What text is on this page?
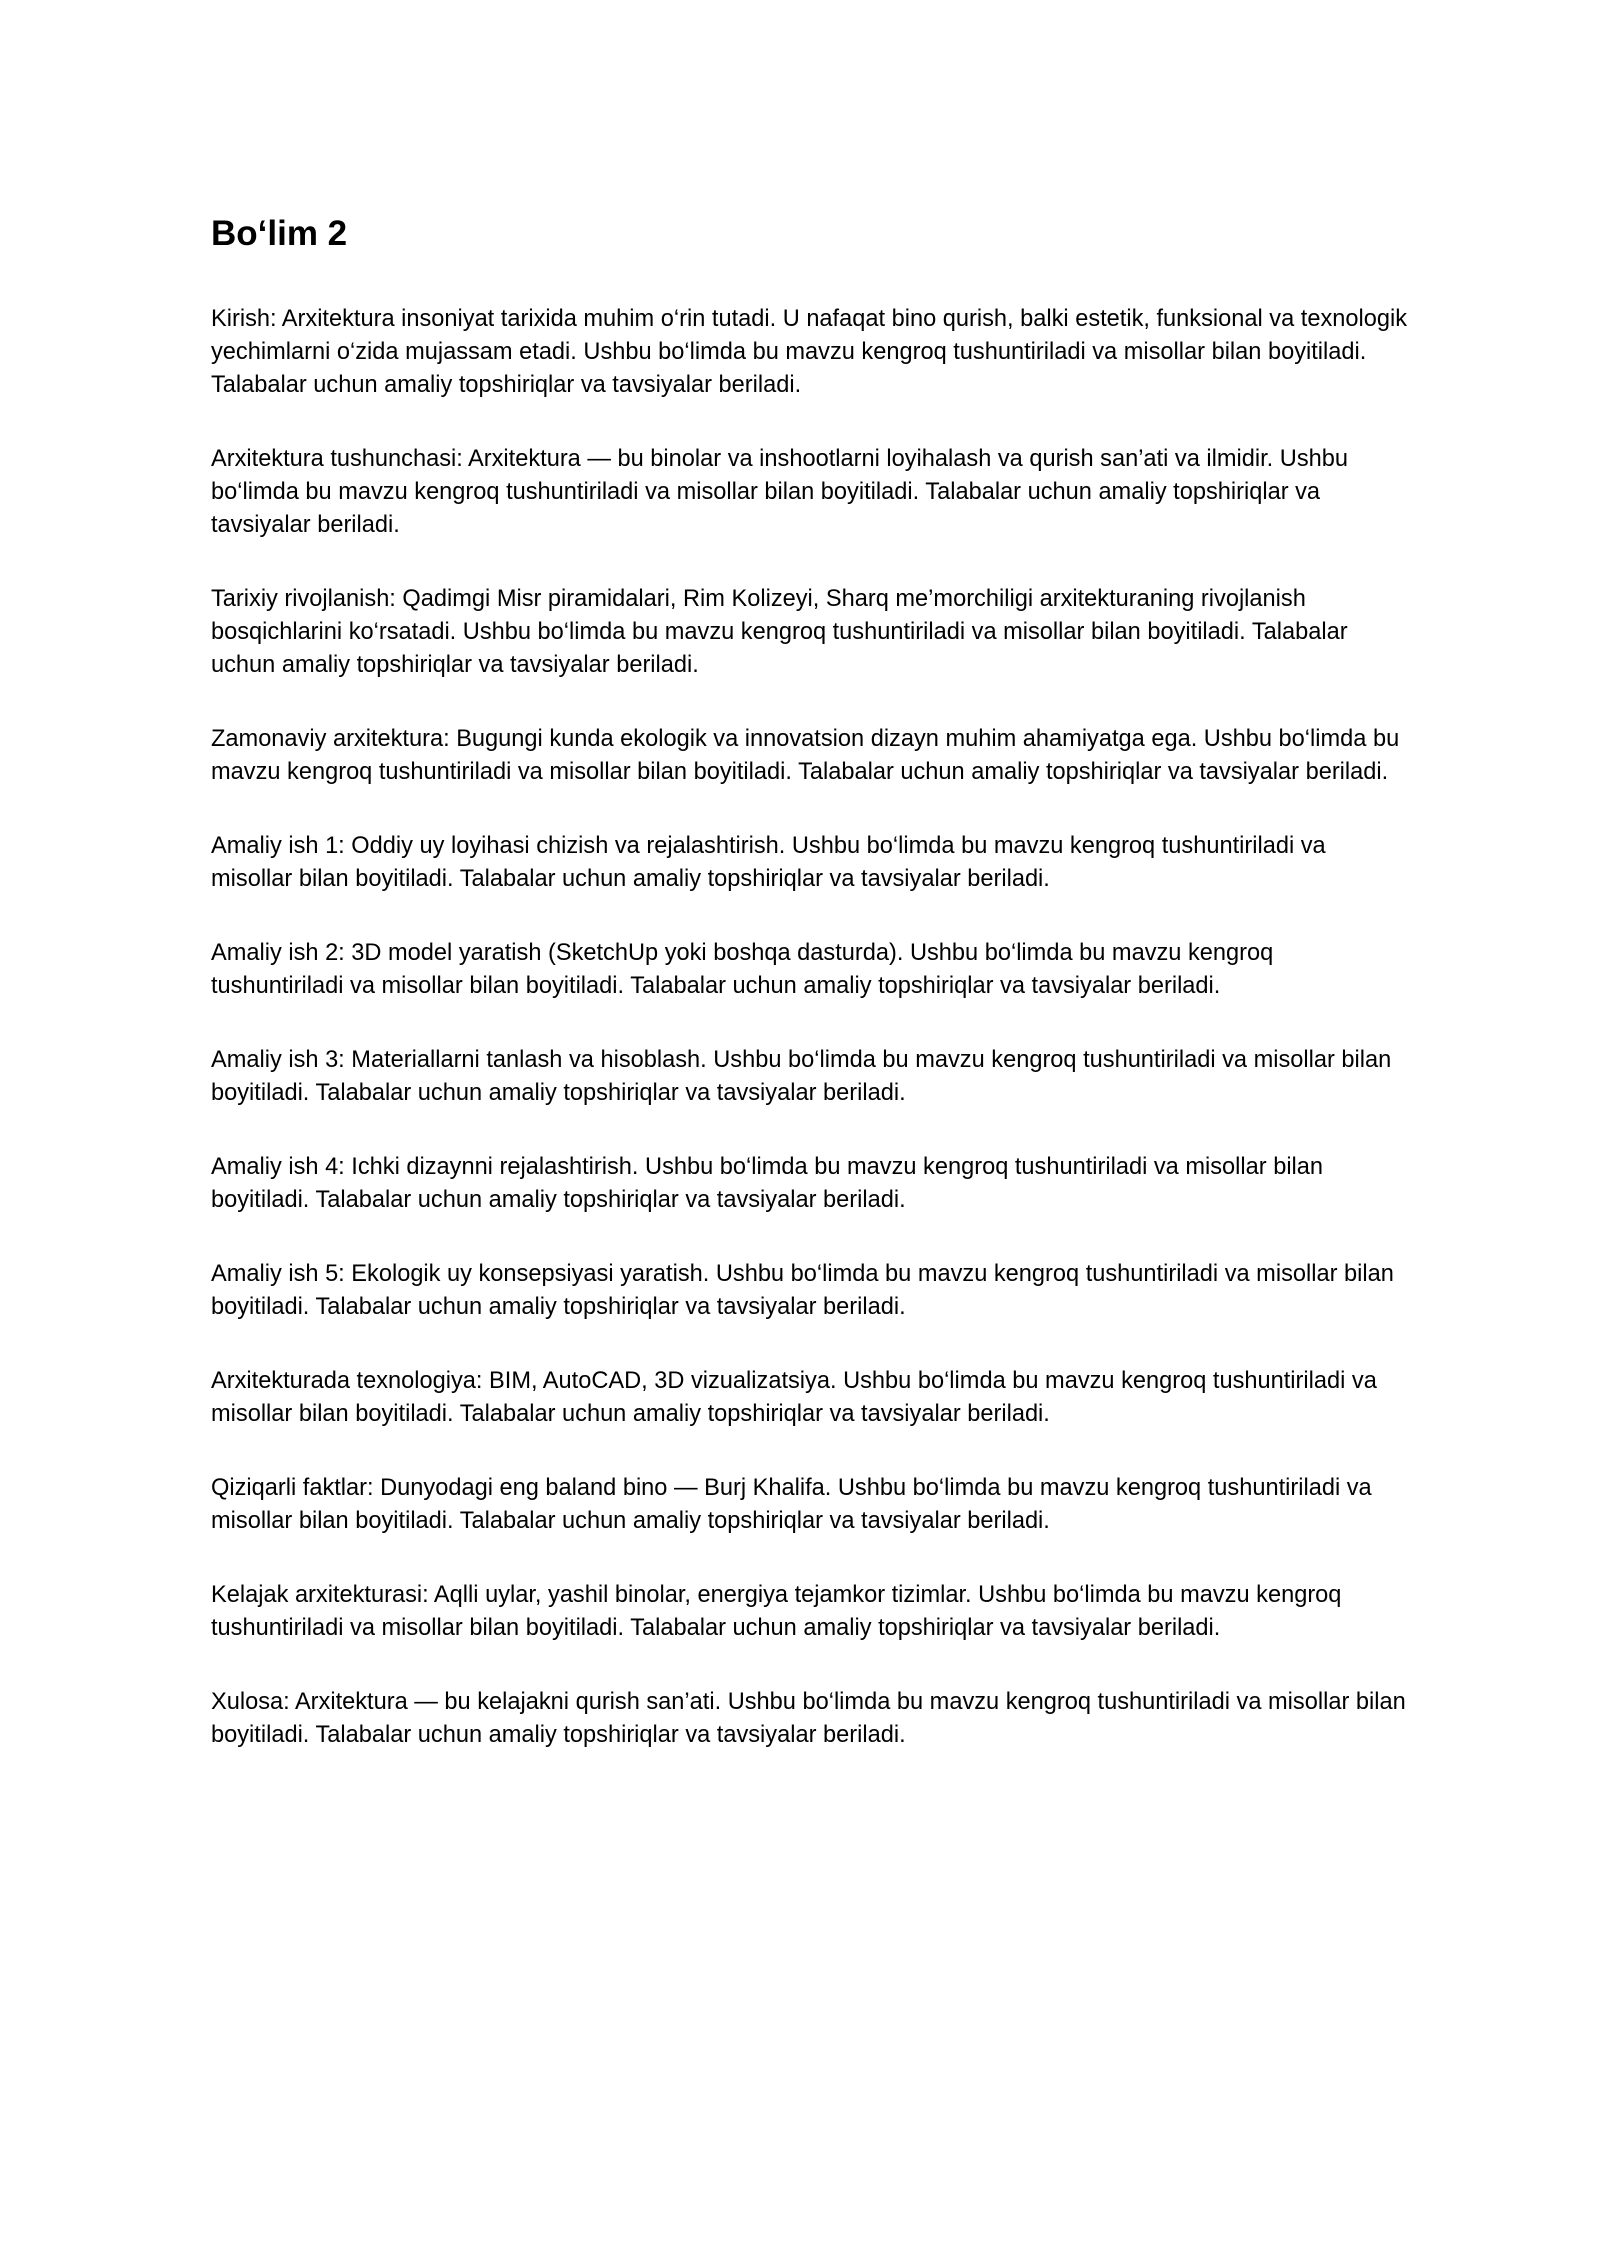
Bo‘lim 2

Kirish: Arxitektura insoniyat tarixida muhim o‘rin tutadi. U nafaqat bino qurish, balki estetik, funksional va texnologik yechimlarni o‘zida mujassam etadi. Ushbu bo‘limda bu mavzu kengroq tushuntiriladi va misollar bilan boyitiladi. Talabalar uchun amaliy topshiriqlar va tavsiyalar beriladi.

Arxitektura tushunchasi: Arxitektura — bu binolar va inshootlarni loyihalash va qurish san’ati va ilmidir. Ushbu bo‘limda bu mavzu kengroq tushuntiriladi va misollar bilan boyitiladi. Talabalar uchun amaliy topshiriqlar va tavsiyalar beriladi.

Tarixiy rivojlanish: Qadimgi Misr piramidalari, Rim Kolizeyi, Sharq me’morchiligi arxitekturaning rivojlanish bosqichlarini ko‘rsatadi. Ushbu bo‘limda bu mavzu kengroq tushuntiriladi va misollar bilan boyitiladi. Talabalar uchun amaliy topshiriqlar va tavsiyalar beriladi.

Zamonaviy arxitektura: Bugungi kunda ekologik va innovatsion dizayn muhim ahamiyatga ega. Ushbu bo‘limda bu mavzu kengroq tushuntiriladi va misollar bilan boyitiladi. Talabalar uchun amaliy topshiriqlar va tavsiyalar beriladi.

Amaliy ish 1: Oddiy uy loyihasi chizish va rejalashtirish. Ushbu bo‘limda bu mavzu kengroq tushuntiriladi va misollar bilan boyitiladi. Talabalar uchun amaliy topshiriqlar va tavsiyalar beriladi.

Amaliy ish 2: 3D model yaratish (SketchUp yoki boshqa dasturda). Ushbu bo‘limda bu mavzu kengroq tushuntiriladi va misollar bilan boyitiladi. Talabalar uchun amaliy topshiriqlar va tavsiyalar beriladi.

Amaliy ish 3: Materiallarni tanlash va hisoblash. Ushbu bo‘limda bu mavzu kengroq tushuntiriladi va misollar bilan boyitiladi. Talabalar uchun amaliy topshiriqlar va tavsiyalar beriladi.

Amaliy ish 4: Ichki dizaynni rejalashtirish. Ushbu bo‘limda bu mavzu kengroq tushuntiriladi va misollar bilan boyitiladi. Talabalar uchun amaliy topshiriqlar va tavsiyalar beriladi.

Amaliy ish 5: Ekologik uy konsepsiyasi yaratish. Ushbu bo‘limda bu mavzu kengroq tushuntiriladi va misollar bilan boyitiladi. Talabalar uchun amaliy topshiriqlar va tavsiyalar beriladi.

Arxitekturada texnologiya: BIM, AutoCAD, 3D vizualizatsiya. Ushbu bo‘limda bu mavzu kengroq tushuntiriladi va misollar bilan boyitiladi. Talabalar uchun amaliy topshiriqlar va tavsiyalar beriladi.

Qiziqarli faktlar: Dunyodagi eng baland bino — Burj Khalifa. Ushbu bo‘limda bu mavzu kengroq tushuntiriladi va misollar bilan boyitiladi. Talabalar uchun amaliy topshiriqlar va tavsiyalar beriladi.

Kelajak arxitekturasi: Aqlli uylar, yashil binolar, energiya tejamkor tizimlar. Ushbu bo‘limda bu mavzu kengroq tushuntiriladi va misollar bilan boyitiladi. Talabalar uchun amaliy topshiriqlar va tavsiyalar beriladi.

Xulosa: Arxitektura — bu kelajakni qurish san’ati. Ushbu bo‘limda bu mavzu kengroq tushuntiriladi va misollar bilan boyitiladi. Talabalar uchun amaliy topshiriqlar va tavsiyalar beriladi.
